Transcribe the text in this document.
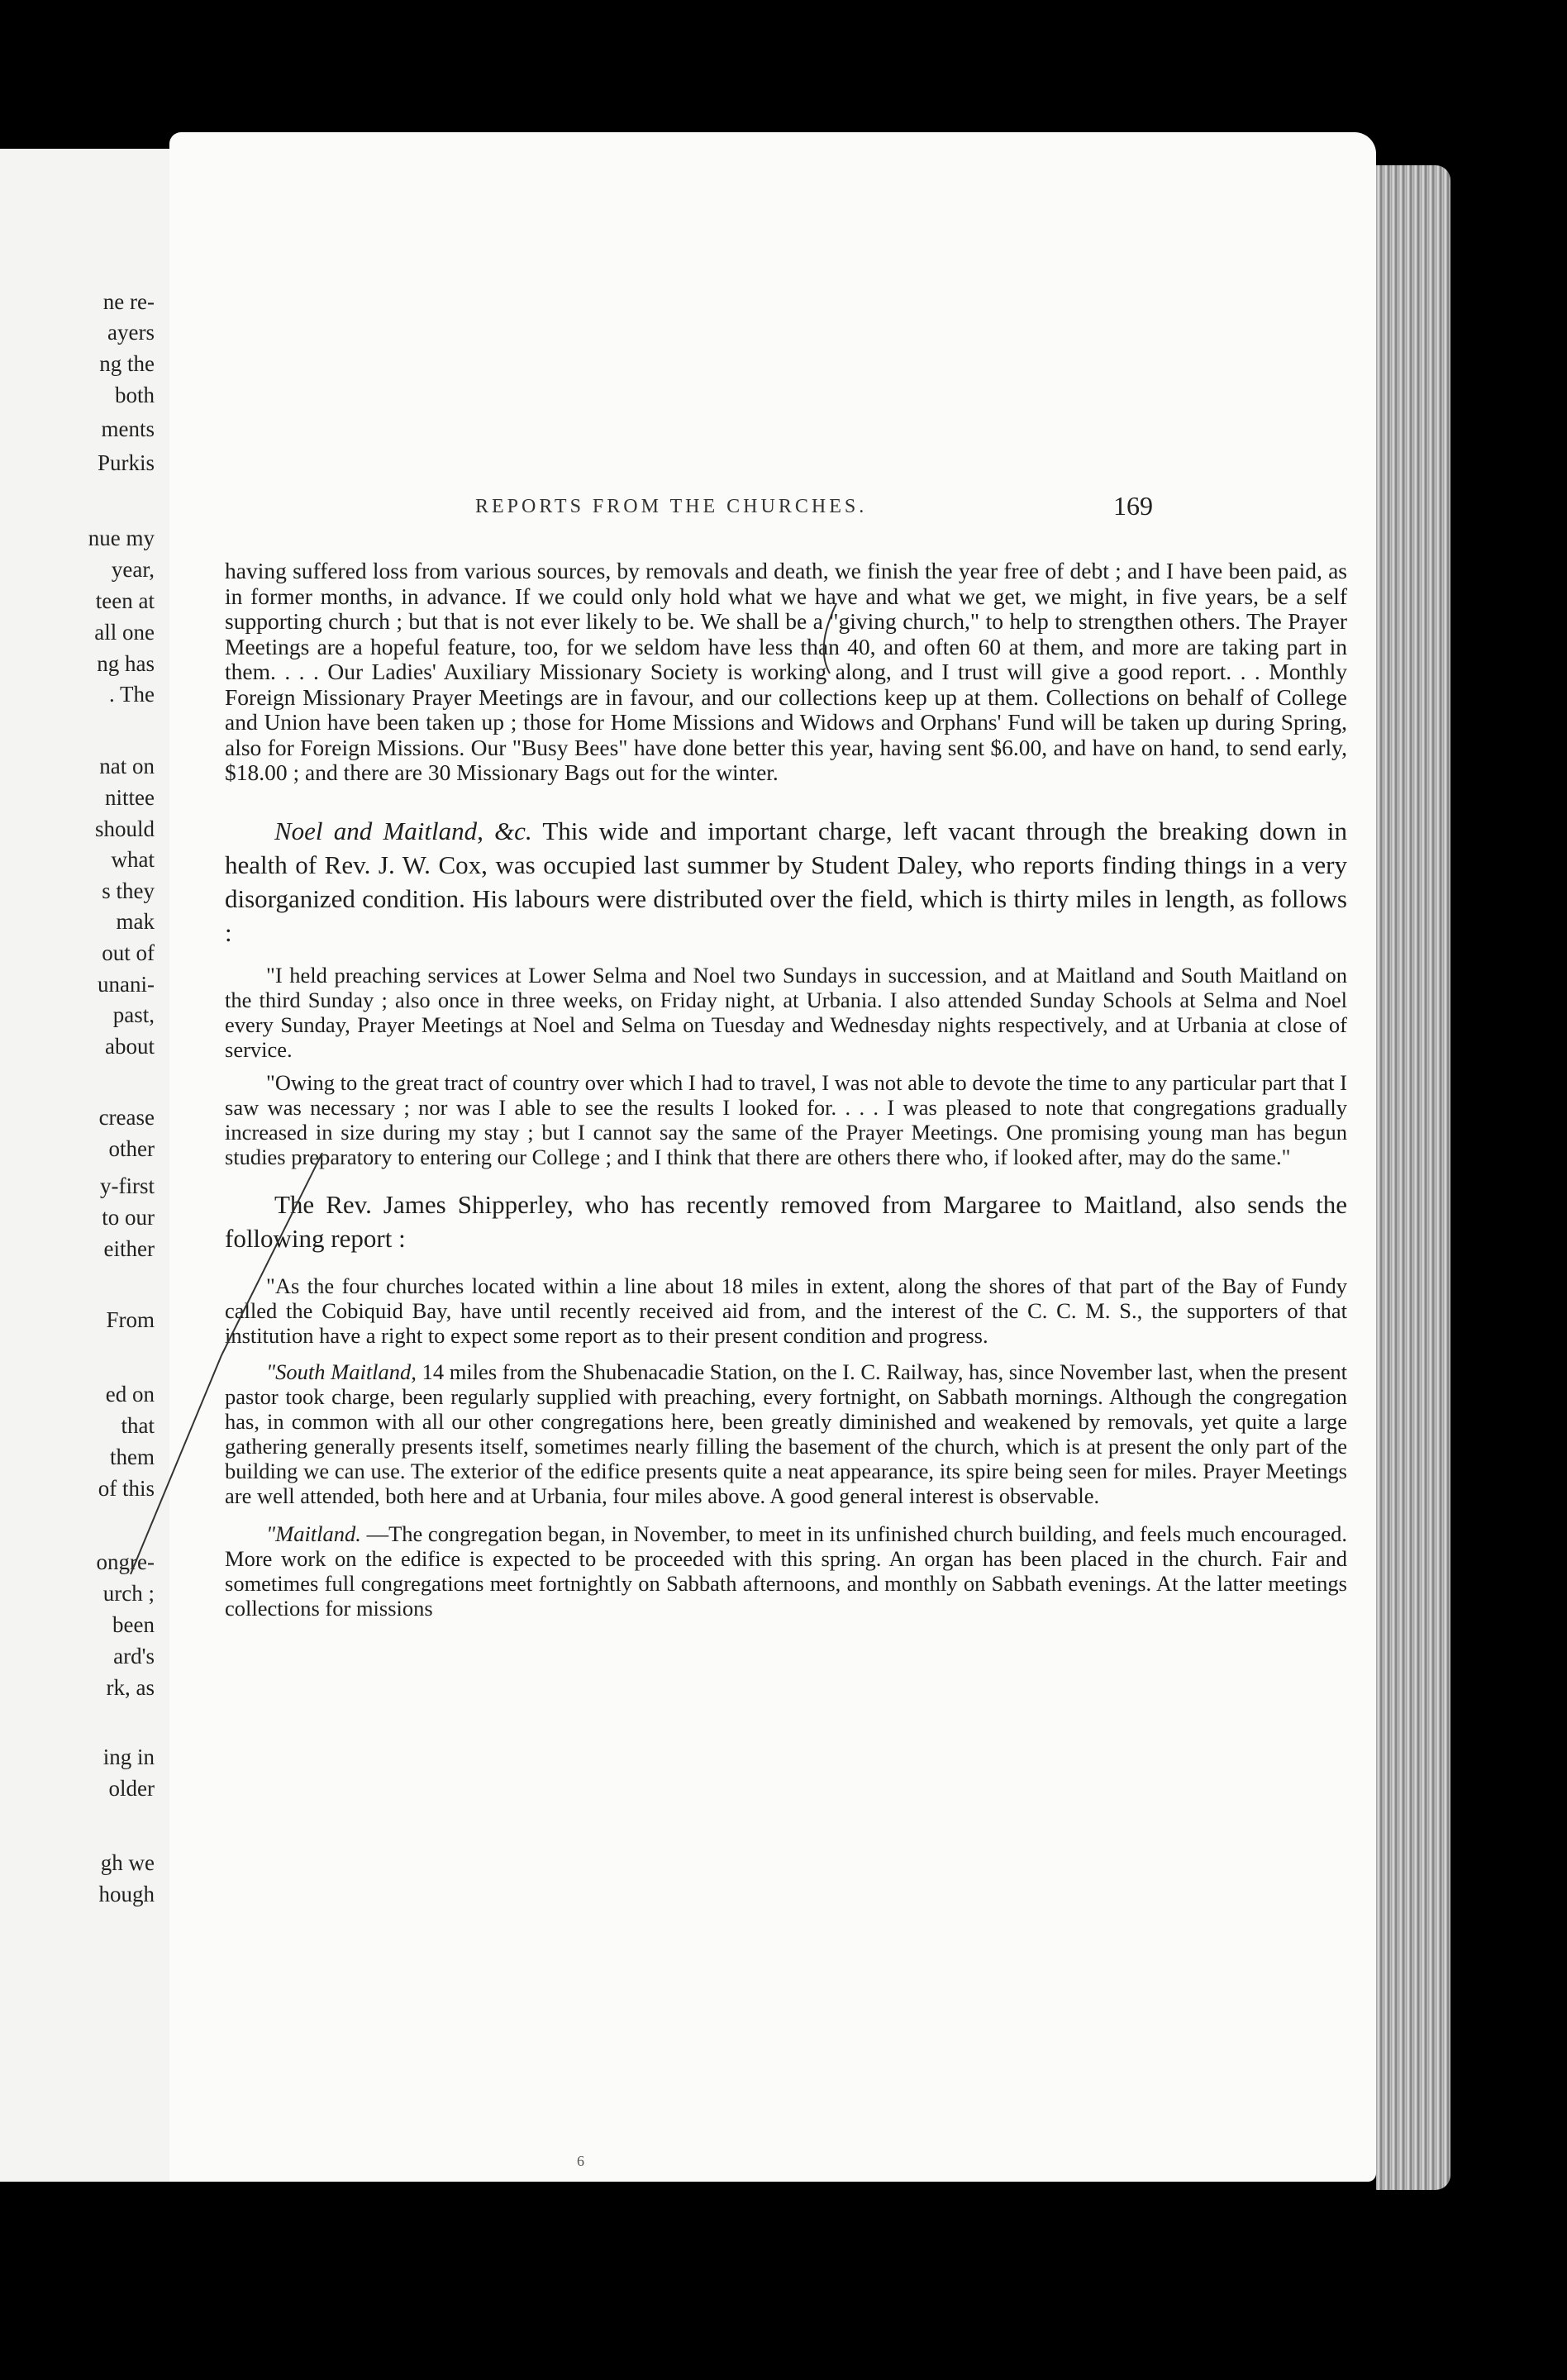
ne re-
ayers
ng the
both
ments
Purkis
nue my
year,
teen at
all one
ng has
. The
nat on
nittee
should
what
s they
mak
out of
unani-
past,
about
crease
other
y-first
to our
either
From
ed on
that
them
of this
ongre-
urch ;
been
ard's
rk, as
ing in
older
gh we
hough
REPORTS FROM THE CHURCHES.	169

having suffered loss from various sources, by removals and death, we finish the year free of debt ; and I have been paid, as in former months, in advance. If we could only hold what we have and what we get, we might, in five years, be a self supporting church ; but that is not ever likely to be. We shall be a "giving church," to help to strengthen others. The Prayer Meetings are a hopeful feature, too, for we seldom have less than 40, and often 60 at them, and more are taking part in them. . . . Our Ladies' Auxiliary Missionary Society is working along, and I trust will give a good report. . . Monthly Foreign Missionary Prayer Meetings are in favour, and our collections keep up at them. Collections on behalf of College and Union have been taken up ; those for Home Missions and Widows and Orphans' Fund will be taken up during Spring, also for Foreign Missions. Our "Busy Bees" have done better this year, having sent $6.00, and have on hand, to send early, $18.00 ; and there are 30 Missionary Bags out for the winter.

Noel and Maitland, &c. This wide and important charge, left vacant through the breaking down in health of Rev. J. W. Cox, was occupied last summer by Student Daley, who reports finding things in a very disorganized condition. His labours were distributed over the field, which is thirty miles in length, as follows :

"I held preaching services at Lower Selma and Noel two Sundays in succession, and at Maitland and South Maitland on the third Sunday ; also once in three weeks, on Friday night, at Urbania. I also attended Sunday Schools at Selma and Noel every Sunday, Prayer Meetings at Noel and Selma on Tuesday and Wednesday nights respectively, and at Urbania at close of service.

"Owing to the great tract of country over which I had to travel, I was not able to devote the time to any particular part that I saw was necessary ; nor was I able to see the results I looked for. . . . I was pleased to note that congregations gradually increased in size during my stay ; but I cannot say the same of the Prayer Meetings. One promising young man has begun studies preparatory to entering our College ; and I think that there are others there who, if looked after, may do the same."

The Rev. James Shipperley, who has recently removed from Margaree to Maitland, also sends the following report :

"As the four churches located within a line about 18 miles in extent, along the shores of that part of the Bay of Fundy called the Cobiquid Bay, have until recently received aid from, and the interest of the C. C. M. S., the supporters of that institution have a right to expect some report as to their present condition and progress.

"South Maitland, 14 miles from the Shubenacadie Station, on the I. C. Railway, has, since November last, when the present pastor took charge, been regularly supplied with preaching, every fortnight, on Sabbath mornings. Although the congregation has, in common with all our other congregations here, been greatly diminished and weakened by removals, yet quite a large gathering generally presents itself, sometimes nearly filling the basement of the church, which is at present the only part of the building we can use. The exterior of the edifice presents quite a neat appearance, its spire being seen for miles. Prayer Meetings are well attended, both here and at Urbania, four miles above. A good general interest is observable.

"Maitland. —The congregation began, in November, to meet in its unfinished church building, and feels much encouraged. More work on the edifice is expected to be proceeded with this spring. An organ has been placed in the church. Fair and sometimes full congregations meet fortnightly on Sabbath afternoons, and monthly on Sabbath evenings. At the latter meetings collections for missions

6
